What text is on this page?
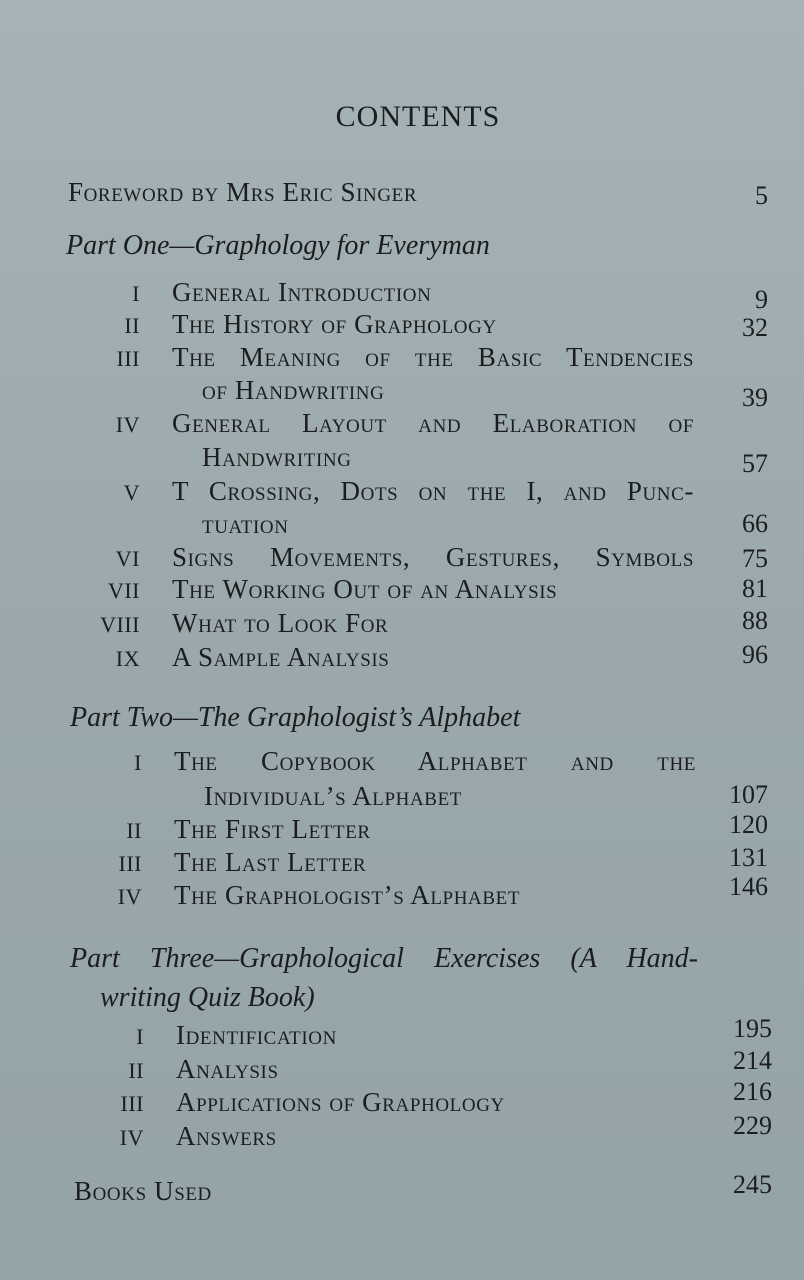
CONTENTS
Foreword by Mrs Eric Singer	5
Part One—Graphology for Everyman
I General Introduction	9
II The History of Graphology	32
III The Meaning of the Basic Tendencies
of Handwriting	39
IV General Layout and Elaboration of
Handwriting	57
V T Crossing, Dots on the I, and Punc-
tuation	66
VI Signs Movements, Gestures, Symbols	75
VII The Working Out of an Analysis	81
VIII What to Look For	88
IX A Sample Analysis	96
Part Two—The Graphologist’s Alphabet
I The Copybook Alphabet and the
Individual’s Alphabet	107
II The First Letter	120
III The Last Letter	131
IV The Graphologist’s Alphabet	146
Part Three—Graphological Exercises (A Hand-
writing Quiz Book)
I Identification	195
II Analysis	214
III Applications of Graphology	216
IV Answers	229
Books Used	245
